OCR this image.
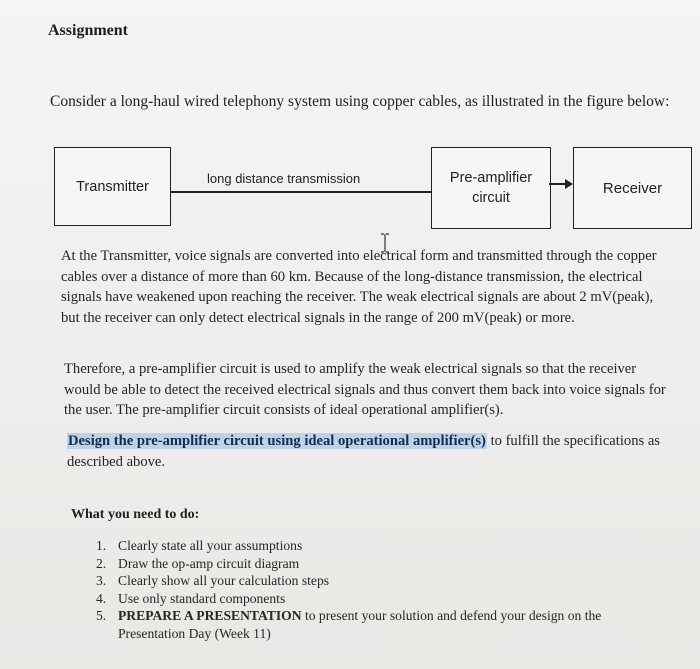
Assignment
Consider a long-haul wired telephony system using copper cables, as illustrated in the figure below:
Transmitter	long distance transmission	Pre-amplifier
circuit
Receiver
At the Transmitter, voice signals are converted into electrical form and transmitted through the copper cables over a distance of more than 60 km. Because of the long-distance transmission, the electrical signals have weakened upon reaching the receiver. The weak electrical signals are about 2 mV(peak), but the receiver can only detect electrical signals in the range of 200 mV(peak) or more.
Therefore, a pre-amplifier circuit is used to amplify the weak electrical signals so that the receiver would be able to detect the received electrical signals and thus convert them back into voice signals for the user. The pre-amplifier circuit consists of ideal operational amplifier(s).
Design the pre-amplifier circuit using ideal operational amplifier(s) to fulfill the specifications as described above.
What you need to do:
1. Clearly state all your assumptions
2. Draw the op-amp circuit diagram
3. Clearly show all your calculation steps
4. Use only standard components
5. PREPARE A PRESENTATION to present your solution and defend your design on the Presentation Day (Week 11)
